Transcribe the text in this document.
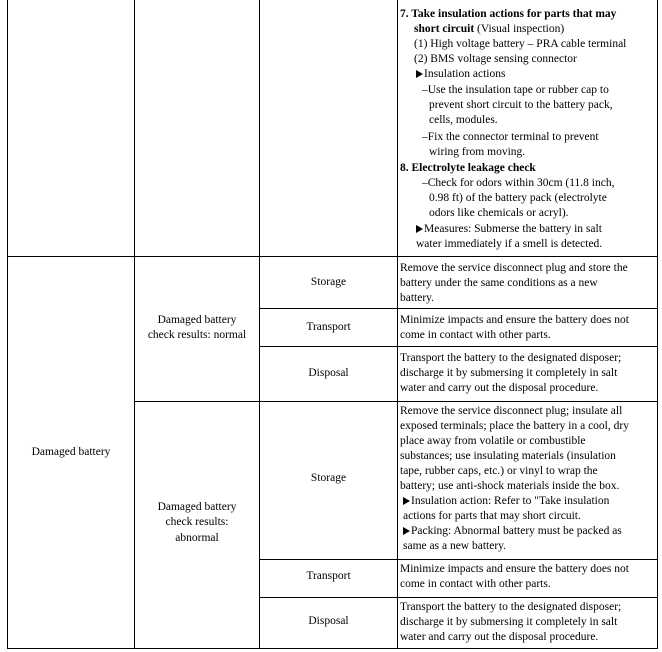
7. Take insulation actions for parts that may
short circuit (Visual inspection)
(1) High voltage battery – PRA cable terminal
(2) BMS voltage sensing connector
Insulation actions
–Use the insulation tape or rubber cap to
prevent short circuit to the battery pack,
cells, modules.
–Fix the connector terminal to prevent
wiring from moving.
8. Electrolyte leakage check
–Check for odors within 30cm (11.8 inch,
0.98 ft) of the battery pack (electrolyte
odors like chemicals or acryl).
Measures: Submerse the battery in salt
water immediately if a smell is detected.
Damaged battery
Damaged battery
check results: normal
Damaged battery
check results:
abnormal
Storage
Transport
Disposal
Storage
Transport
Disposal
Remove the service disconnect plug and store the
battery under the same conditions as a new
battery.
Minimize impacts and ensure the battery does not
come in contact with other parts.
Transport the battery to the designated disposer;
discharge it by submersing it completely in salt
water and carry out the disposal procedure.
Remove the service disconnect plug; insulate all
exposed terminals; place the battery in a cool, dry
place away from volatile or combustible
substances; use insulating materials (insulation
tape, rubber caps, etc.) or vinyl to wrap the
battery; use anti-shock materials inside the box.
Insulation action: Refer to "Take insulation
actions for parts that may short circuit.
Packing: Abnormal battery must be packed as
same as a new battery.
Minimize impacts and ensure the battery does not
come in contact with other parts.
Transport the battery to the designated disposer;
discharge it by submersing it completely in salt
water and carry out the disposal procedure.
